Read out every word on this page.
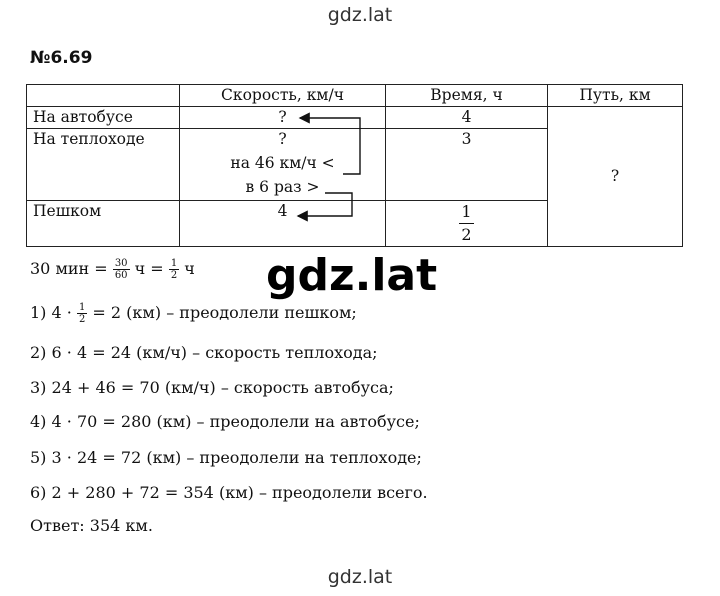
gdz.lat
№6.69
	Скорость, км/ч	Время, ч	Путь, км
На автобусе	?	4	?
На теплоходе	?
на 46 км/ч <
в 6 раз >	3	
Пешком	4	$\frac{1}{2}$
30 мин = $\frac{30}{60}$ $ч = \frac{1}{2}$ ч gdz.lat
1) $4 \cdot \frac{1}{2} = 2$ (км) – преодолели пешком;
2) 6 · 4 = 24 (км/ч) – скорость теплохода;
3) 24 + 46 = 70 (км/ч) – скорость автобуса;
4) 4 · 70 = 280 (км) – преодолели на автобусе;
5) 3 · 24 = 72 (км) – преодолели на теплоходе;
6) 2 + 280 + 72 = 354 (км) – преодолели всего.
Ответ: 354 км.
gdz.lat
